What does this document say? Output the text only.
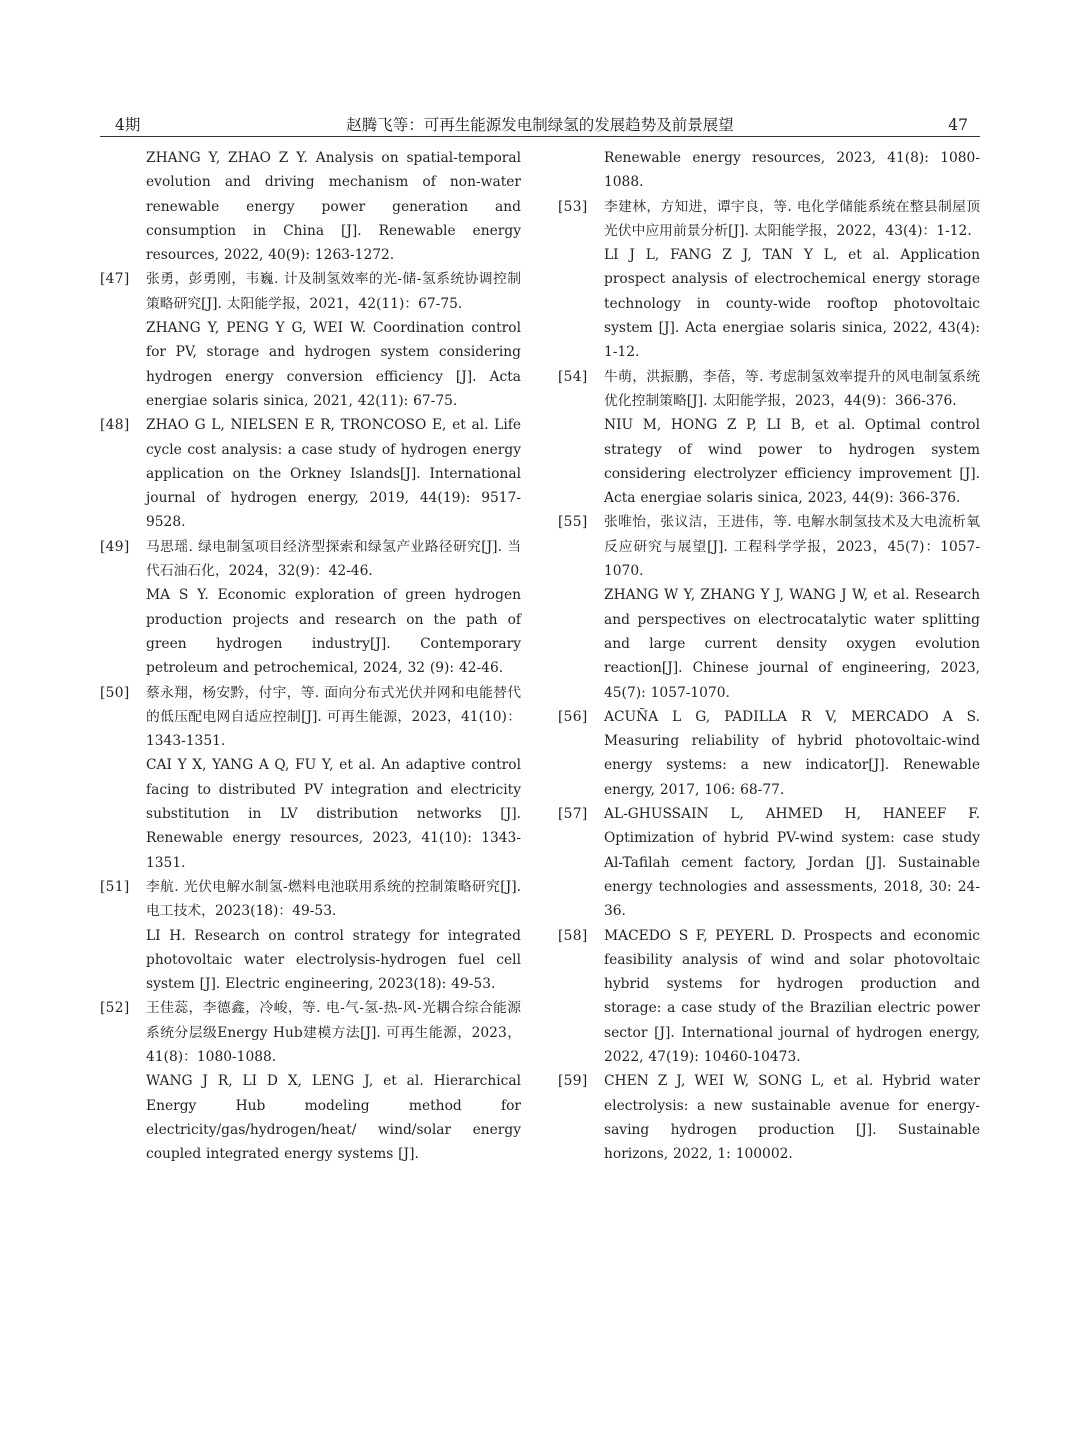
4期	赵腾飞等：可再生能源发电制绿氢的发展趋势及前景展望	47

ZHANG Y, ZHAO Z Y. Analysis on spatial-temporal evolution and driving mechanism of non-water renewable energy power generation and consumption in China [J]. Renewable energy resources, 2022, 40(9): 1263-1272.

[47] 张勇，彭勇刚，韦巍. 计及制氢效率的光-储-氢系统协调控制策略研究[J]. 太阳能学报，2021，42(11)：67-75.

ZHANG Y, PENG Y G, WEI W. Coordination control for PV, storage and hydrogen system considering hydrogen energy conversion efficiency [J]. Acta energiae solaris sinica, 2021, 42(11): 67-75.

[48] ZHAO G L, NIELSEN E R, TRONCOSO E, et al. Life cycle cost analysis: a case study of hydrogen energy application on the Orkney Islands[J]. International journal of hydrogen energy, 2019, 44(19): 9517-9528.

[49] 马思瑶. 绿电制氢项目经济型探索和绿氢产业路径研究[J]. 当代石油石化，2024，32(9)：42-46.

MA S Y. Economic exploration of green hydrogen production projects and research on the path of green hydrogen industry[J]. Contemporary petroleum and petrochemical, 2024, 32 (9): 42-46.

[50] 蔡永翔，杨安黔，付宇，等. 面向分布式光伏并网和电能替代的低压配电网自适应控制[J]. 可再生能源，2023，41(10)：1343-1351.

CAI Y X, YANG A Q, FU Y, et al. An adaptive control facing to distributed PV integration and electricity substitution in LV distribution networks [J]. Renewable energy resources, 2023, 41(10): 1343-1351.

[51] 李航. 光伏电解水制氢-燃料电池联用系统的控制策略研究[J]. 电工技术，2023(18)：49-53.

LI H. Research on control strategy for integrated photovoltaic water electrolysis-hydrogen fuel cell system [J]. Electric engineering, 2023(18): 49-53.

[52] 王佳蕊，李德鑫，冷峻，等. 电-气-氢-热-风-光耦合综合能源系统分层级Energy Hub建模方法[J]. 可再生能源，2023，41(8)：1080-1088.

WANG J R, LI D X, LENG J, et al. Hierarchical Energy Hub modeling method for electricity/gas/hydrogen/heat/ wind/solar energy coupled integrated energy systems [J].

Renewable energy resources, 2023, 41(8): 1080-1088.

[53] 李建林，方知进，谭宇良，等. 电化学储能系统在整县制屋顶光伏中应用前景分析[J]. 太阳能学报，2022，43(4)：1-12.

LI J L, FANG Z J, TAN Y L, et al. Application prospect analysis of electrochemical energy storage technology in county-wide rooftop photovoltaic system [J]. Acta energiae solaris sinica, 2022, 43(4): 1-12.

[54] 牛萌，洪振鹏，李蓓，等. 考虑制氢效率提升的风电制氢系统优化控制策略[J]. 太阳能学报，2023，44(9)：366-376.

NIU M, HONG Z P, LI B, et al. Optimal control strategy of wind power to hydrogen system considering electrolyzer efficiency improvement [J]. Acta energiae solaris sinica, 2023, 44(9): 366-376.

[55] 张唯怡，张议洁，王进伟，等. 电解水制氢技术及大电流析氧反应研究与展望[J]. 工程科学学报，2023，45(7)：1057-1070.

ZHANG W Y, ZHANG Y J, WANG J W, et al. Research and perspectives on electrocatalytic water splitting and large current density oxygen evolution reaction[J]. Chinese journal of engineering, 2023, 45(7): 1057-1070.

[56] ACUÑA L G, PADILLA R V, MERCADO A S. Measuring reliability of hybrid photovoltaic-wind energy systems: a new indicator[J]. Renewable energy, 2017, 106: 68-77.

[57] AL-GHUSSAIN L, AHMED H, HANEEF F. Optimization of hybrid PV-wind system: case study Al-Tafilah cement factory, Jordan [J]. Sustainable energy technologies and assessments, 2018, 30: 24-36.

[58] MACEDO S F, PEYERL D. Prospects and economic feasibility analysis of wind and solar photovoltaic hybrid systems for hydrogen production and storage: a case study of the Brazilian electric power sector [J]. International journal of hydrogen energy, 2022, 47(19): 10460-10473.

[59] CHEN Z J, WEI W, SONG L, et al. Hybrid water electrolysis: a new sustainable avenue for energy-saving hydrogen production [J]. Sustainable horizons, 2022, 1: 100002.
